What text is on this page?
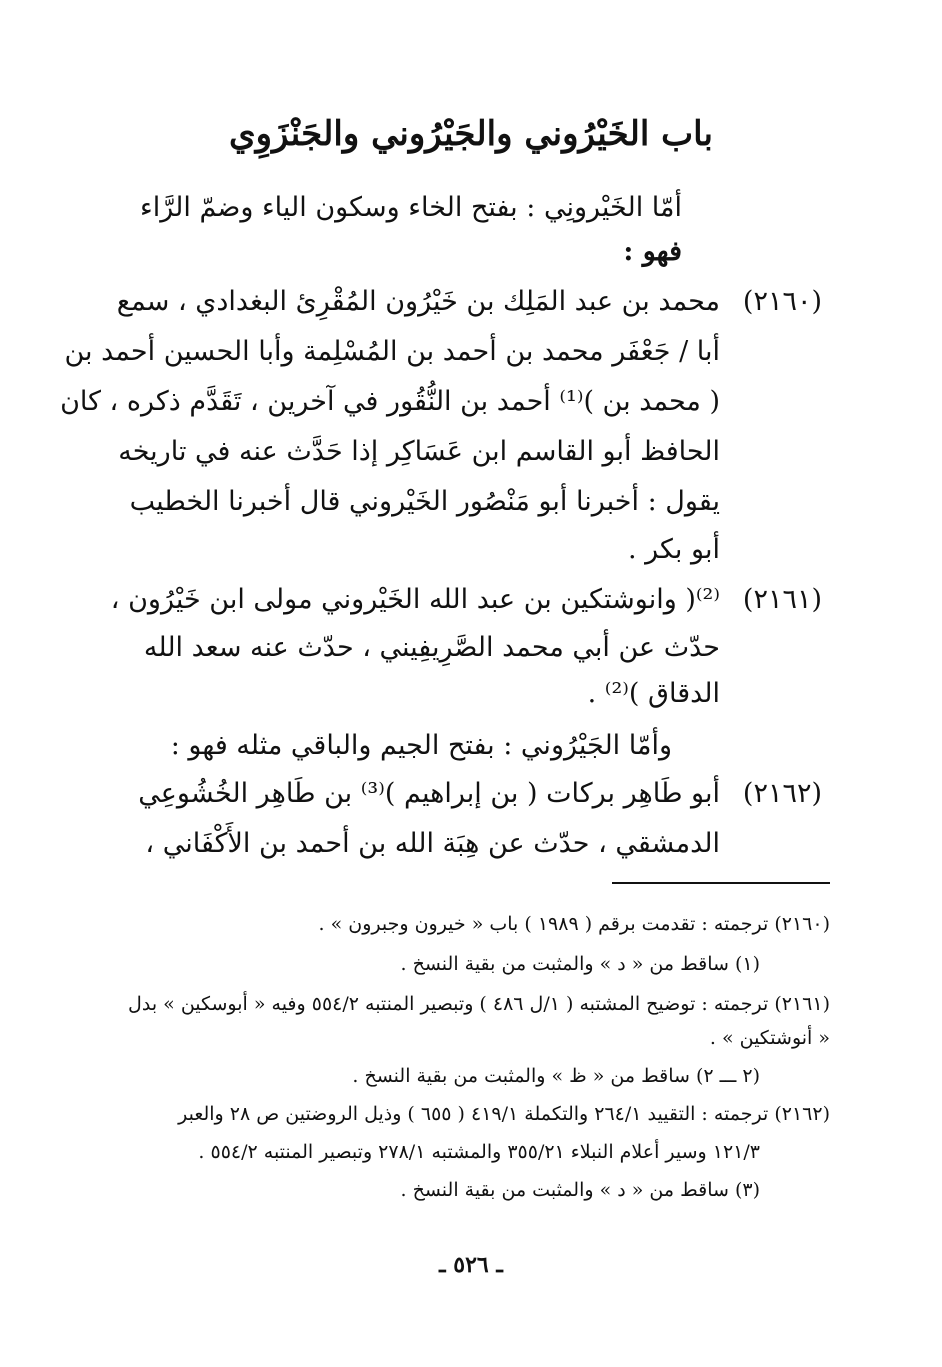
باب الخَيْرُوني والجَيْرُوني والجَنْزَوِي
أمّا الخَيْرونِي : بفتح الخاء وسكون الياء وضمّ الرَّاء
فهو :
(٢١٦٠)
محمد بن عبد المَلِك بن خَيْرُون المُقْرِئ البغدادي ، سمع
أبا / جَعْفَر محمد بن أحمد بن المُسْلِمة وأبا الحسين أحمد بن
( محمد بن )⁽¹⁾ أحمد بن النُّقُور في آخرين ، تَقَدَّم ذكره ، كان
الحافظ أبو القاسم ابن عَسَاكِر إذا حَدَّث عنه في تاريخه
يقول : أخبرنا أبو مَنْصُور الخَيْروني قال أخبرنا الخطيب
أبو بكر .
(٢١٦١)
⁽²⁾( وانوشتكين بن عبد الله الخَيْروني مولى ابن خَيْرُون ،
حدّث عن أبي محمد الصَّرِيفِيني ، حدّث عنه سعد الله
الدقاق )⁽²⁾ .
وأمّا الجَيْرُوني : بفتح الجيم والباقي مثله فهو :
(٢١٦٢)
أبو طَاهِر بركات ( بن إبراهيم )⁽³⁾ بن طَاهِر الخُشُوعِي
الدمشقي ، حدّث عن هِبَة الله بن أحمد بن الأَكْفَاني ،
(٢١٦٠) ترجمته : تقدمت برقم ( ١٩٨٩ ) باب « خيرون وجبرون » .
(١) ساقط من « د » والمثبت من بقية النسخ .
(٢١٦١) ترجمته : توضيح المشتبه ( ١/ل ٤٨٦ ) وتبصير المنتبه ٥٥٤/٢ وفيه « أبوسكين » بدل
« أنوشتكين » .
(٢ ـــ ٢) ساقط من « ظ » والمثبت من بقية النسخ .
(٢١٦٢) ترجمته : التقييد ٢٦٤/١ والتكملة ٤١٩/١ ( ٦٥٥ ) وذيل الروضتين ص ٢٨ والعبر
١٢١/٣ وسير أعلام النبلاء ٣٥٥/٢١ والمشتبه ٢٧٨/١ وتبصير المنتبه ٥٥٤/٢ .
(٣) ساقط من « د » والمثبت من بقية النسخ .
ـ ٥٢٦ ـ
